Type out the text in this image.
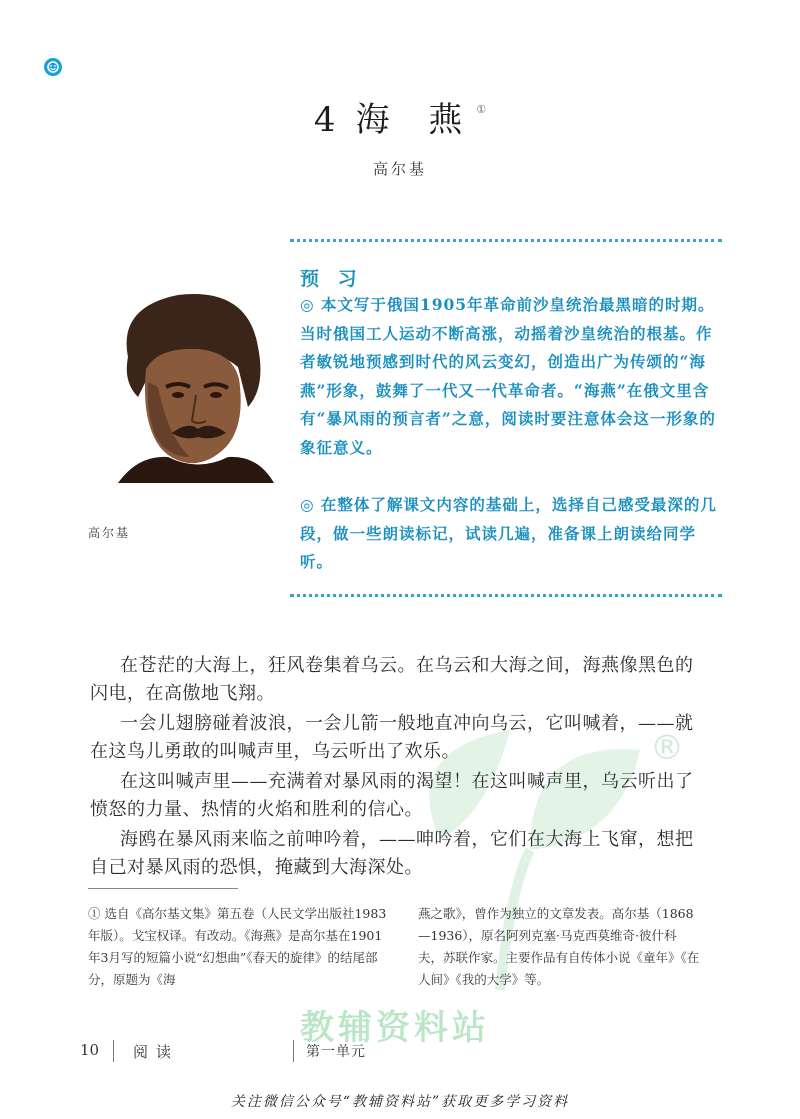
4 海 燕①
高尔基
预 习
◎ 本文写于俄国1905年革命前沙皇统治最黑暗的时期。当时俄国工人运动不断高涨，动摇着沙皇统治的根基。作者敏锐地预感到时代的风云变幻，创造出广为传颂的“海燕”形象，鼓舞了一代又一代革命者。“海燕”在俄文里含有“暴风雨的预言者”之意，阅读时要注意体会这一形象的象征意义。
◎ 在整体了解课文内容的基础上，选择自己感受最深的几段，做一些朗读标记，试读几遍，准备课上朗读给同学听。
高尔基
®
在苍茫的大海上，狂风卷集着乌云。在乌云和大海之间，海燕像黑色的闪电，在高傲地飞翔。
一会儿翅膀碰着波浪，一会儿箭一般地直冲向乌云，它叫喊着，——就在这鸟儿勇敢的叫喊声里，乌云听出了欢乐。
在这叫喊声里——充满着对暴风雨的渴望！在这叫喊声里，乌云听出了愤怒的力量、热情的火焰和胜利的信心。
海鸥在暴风雨来临之前呻吟着，——呻吟着，它们在大海上飞窜，想把自己对暴风雨的恐惧，掩藏到大海深处。
① 选自《高尔基文集》第五卷（人民文学出版社1983年版）。戈宝权译。有改动。《海燕》是高尔基在1901年3月写的短篇小说“幻想曲”《春天的旋律》的结尾部分，原题为《海
燕之歌》，曾作为独立的文章发表。高尔基（1868—1936），原名阿列克塞·马克西莫维奇·彼什科夫，苏联作家。主要作品有自传体小说《童年》《在人间》《我的大学》等。
教辅资料站
10 阅读	第一单元
关注微信公众号“教辅资料站”获取更多学习资料
